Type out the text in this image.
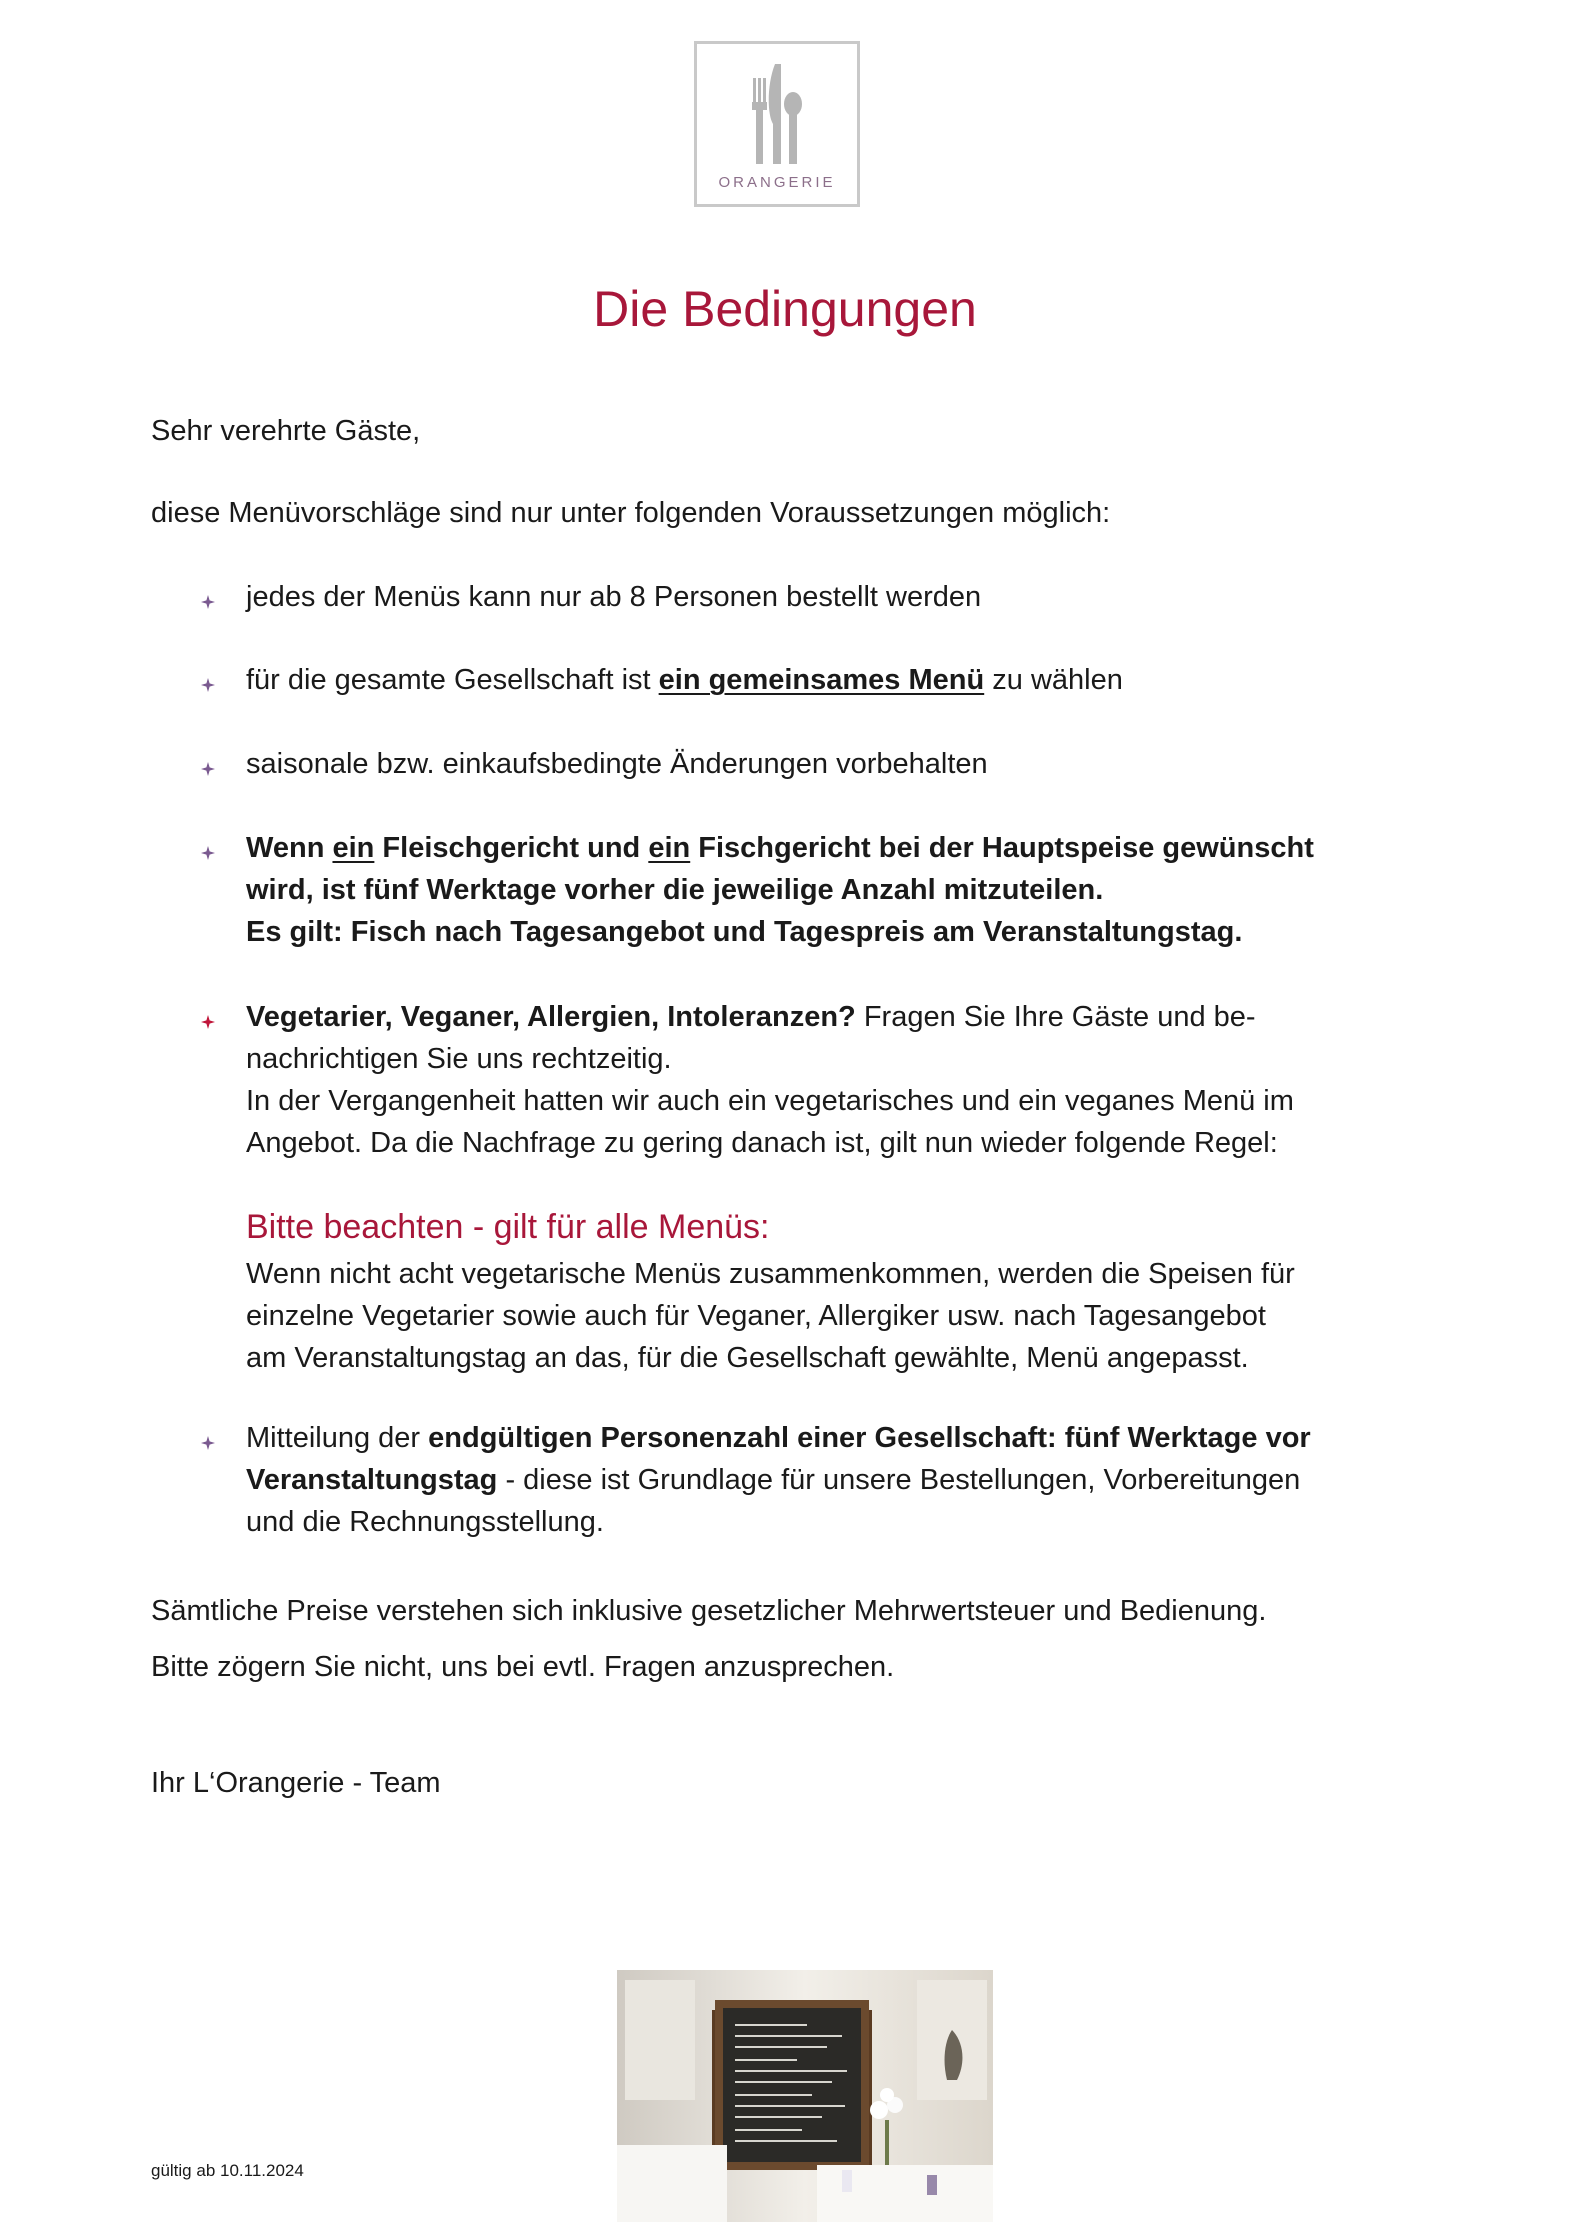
ORANGERIE
Die Bedingungen

Sehr verehrte Gäste,

diese Menüvorschläge sind nur unter folgenden Voraussetzungen möglich:

jedes der Menüs kann nur ab 8 Personen bestellt werden

für die gesamte Gesellschaft ist ein gemeinsames Menü zu wählen

saisonale bzw. einkaufsbedingte Änderungen vorbehalten

Wenn ein Fleischgericht und ein Fischgericht bei der Hauptspeise gewünscht

wird, ist fünf Werktage vorher die jeweilige Anzahl mitzuteilen.

Es gilt: Fisch nach Tagesangebot und Tagespreis am Veranstaltungstag.

Vegetarier, Veganer, Allergien, Intoleranzen? Fragen Sie Ihre Gäste und be-

nachrichtigen Sie uns rechtzeitig.

In der Vergangenheit hatten wir auch ein vegetarisches und ein veganes Menü im

Angebot. Da die Nachfrage zu gering danach ist, gilt nun wieder folgende Regel:

Bitte beachten - gilt für alle Menüs:

Wenn nicht acht vegetarische Menüs zusammenkommen, werden die Speisen für

einzelne Vegetarier sowie auch für Veganer, Allergiker usw. nach Tagesangebot

am Veranstaltungstag an das, für die Gesellschaft gewählte, Menü angepasst.

Mitteilung der endgültigen Personenzahl einer Gesellschaft: fünf Werktage vor

Veranstaltungstag - diese ist Grundlage für unsere Bestellungen, Vorbereitungen

und die Rechnungsstellung.

Sämtliche Preise verstehen sich inklusive gesetzlicher Mehrwertsteuer und Bedienung.

Bitte zögern Sie nicht, uns bei evtl. Fragen anzusprechen.

Ihr L‘Orangerie - Team

gültig ab 10.11.2024
